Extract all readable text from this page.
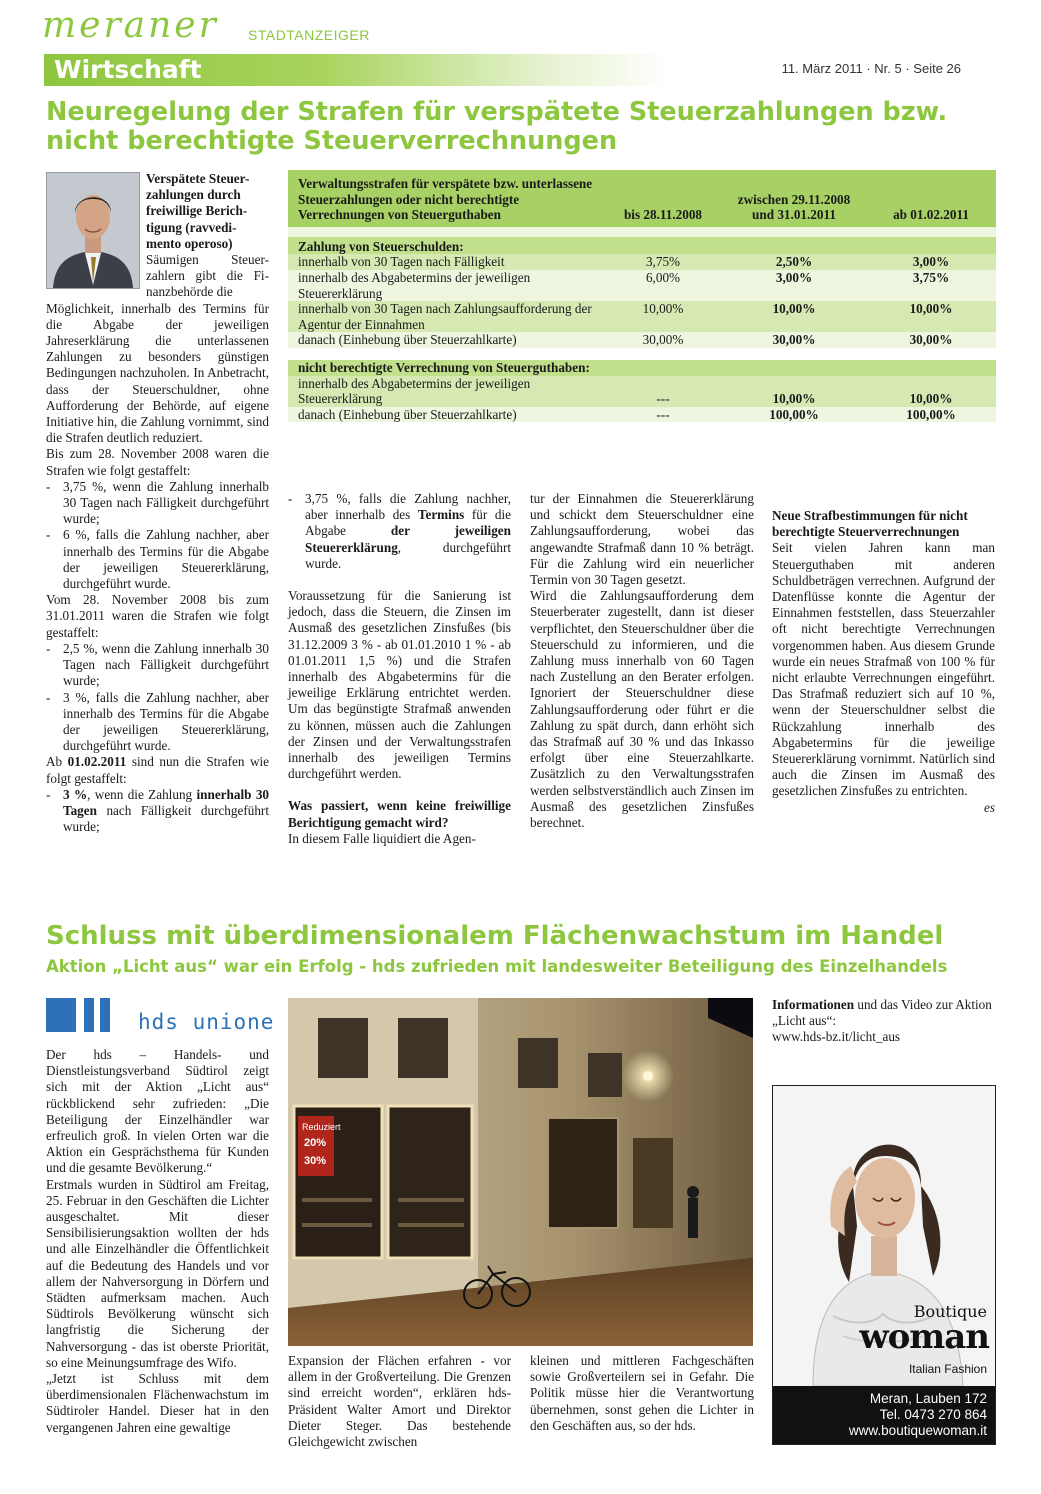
meraner STADTANZEIGER
Wirtschaft	11. März 2011 · Nr. 5 · Seite 26
Neuregelung der Strafen für verspätete Steuerzahlungen bzw. nicht berechtigte Steuerverrechnungen
Verspätete Steuer-zahlungen durch freiwillige Berich-tigung (ravvedi-mento operoso)
Säumigen Steuer-zahlern gibt die Fi-nanzbehörde die

Möglichkeit, innerhalb des Termins für die Abgabe der jeweiligen Jahreserklärung die unterlassenen Zahlungen zu besonders günstigen Bedingungen nachzuholen. In Anbetracht, dass der Steuerschuldner, ohne Aufforderung der Behörde, auf eigene Initiative hin, die Zahlung vornimmt, sind die Strafen deutlich reduziert.

Bis zum 28. November 2008 waren die Strafen wie folgt gestaffelt:

- 3,75 %, wenn die Zahlung innerhalb 30 Tagen nach Fälligkeit durchgeführt wurde;
- 6 %, falls die Zahlung nachher, aber innerhalb des Termins für die Abgabe der jeweiligen Steuererklärung, durchgeführt wurde.

Vom 28. November 2008 bis zum 31.01.2011 waren die Strafen wie folgt gestaffelt:

- 2,5 %, wenn die Zahlung innerhalb 30 Tagen nach Fälligkeit durchgeführt wurde;
- 3 %, falls die Zahlung nachher, aber innerhalb des Termins für die Abgabe der jeweiligen Steuererklärung, durchgeführt wurde.

Ab 01.02.2011 sind nun die Strafen wie folgt gestaffelt:

- 3 %, wenn die Zahlung innerhalb 30 Tagen nach Fälligkeit durchgeführt wurde;
Verwaltungsstrafen für verspätete bzw. unterlassene Steuerzahlungen oder nicht berechtigte Verrechnungen von Steuerguthaben	bis 28.11.2008	zwischen 29.11.2008 und 31.01.2011	ab 01.02.2011

Zahlung von Steuerschulden:			
innerhalb von 30 Tagen nach Fälligkeit	3,75%	2,50%	3,00%
innerhalb des Abgabetermins der jeweiligen Steuererklärung	6,00%	3,00%	3,75%
innerhalb von 30 Tagen nach Zahlungsaufforderung der Agentur der Einnahmen	10,00%	10,00%	10,00%
danach (Einhebung über Steuerzahlkarte)	30,00%	30,00%	30,00%

nicht berechtigte Verrechnung von Steuerguthaben:			
innerhalb des Abgabetermins der jeweiligen Steuererklärung	---	10,00%	10,00%
danach (Einhebung über Steuerzahlkarte)	---	100,00%	100,00%
- 3,75 %, falls die Zahlung nachher, aber innerhalb des Termins für die Abgabe der jeweiligen Steuererklärung, durchgeführt wurde.

Voraussetzung für die Sanierung ist jedoch, dass die Steuern, die Zinsen im Ausmaß des gesetzlichen Zinsfußes (bis 31.12.2009 3 % - ab 01.01.2010 1 % - ab 01.01.2011 1,5 %) und die Strafen innerhalb des Abgabetermins für die jeweilige Erklärung entrichtet werden. Um das begünstigte Strafmaß anwenden zu können, müssen auch die Zahlungen der Zinsen und der Verwaltungsstrafen innerhalb des jeweiligen Termins durchgeführt werden.

Was passiert, wenn keine freiwillige Berichtigung gemacht wird?

In diesem Falle liquidiert die Agen-

tur der Einnahmen die Steuererklärung und schickt dem Steuerschuldner eine Zahlungsaufforderung, wobei das angewandte Strafmaß dann 10 % beträgt. Für die Zahlung wird ein neuerlicher Termin von 30 Tagen gesetzt.

Wird die Zahlungsaufforderung dem Steuerberater zugestellt, dann ist dieser verpflichtet, den Steuerschuldner über die Steuerschuld zu informieren, und die Zahlung muss innerhalb von 60 Tagen nach Zustellung an den Berater erfolgen. Ignoriert der Steuerschuldner diese Zahlungsaufforderung oder führt er die Zahlung zu spät durch, dann erhöht sich das Strafmaß auf 30 % und das Inkasso erfolgt über eine Steuerzahlkarte. Zusätzlich zu den Verwaltungsstrafen werden selbstverständlich auch Zinsen im Ausmaß des gesetzlichen Zinsfußes berechnet.

Neue Strafbestimmungen für nicht berechtigte Steuerverrechnungen

Seit vielen Jahren kann man Steuerguthaben mit anderen Schuldbeträgen verrechnen. Aufgrund der Datenflüsse konnte die Agentur der Einnahmen feststellen, dass Steuerzahler oft nicht berechtigte Verrechnungen vorgenommen haben. Aus diesem Grunde wurde ein neues Strafmaß von 100 % für nicht erlaubte Verrechnungen eingeführt. Das Strafmaß reduziert sich auf 10 %, wenn der Steuerschuldner selbst die Rückzahlung innerhalb des Abgabetermins für die jeweilige Steuererklärung vornimmt. Natürlich sind auch die Zinsen im Ausmaß des gesetzlichen Zinsfußes zu entrichten.

es

Schluss mit überdimensionalem Flächenwachstum im Handel
Aktion „Licht aus“ war ein Erfolg - hds zufrieden mit landesweiter Beteiligung des Einzelhandels
hds unione

Der hds – Handels- und Dienstleistungsverband Südtirol zeigt sich mit der Aktion „Licht aus“ rückblickend sehr zufrieden: „Die Beteiligung der Einzelhändler war erfreulich groß. In vielen Orten war die Aktion ein Gesprächsthema für Kunden und die gesamte Bevölkerung.“

Erstmals wurden in Südtirol am Freitag, 25. Februar in den Geschäften die Lichter ausgeschaltet. Mit dieser Sensibilisierungsaktion wollten der hds und alle Einzelhändler die Öffentlichkeit auf die Bedeutung des Handels und vor allem der Nahversorgung in Dörfern und Städten aufmerksam machen. Auch Südtirols Bevölkerung wünscht sich langfristig die Sicherung der Nahversorgung - das ist oberste Priorität, so eine Meinungsumfrage des Wifo.

„Jetzt ist Schluss mit dem überdimensionalen Flächenwachstum im Südtiroler Handel. Dieser hat in den vergangenen Jahren eine gewaltige

Reduziert
20%
30%
Expansion der Flächen erfahren - vor allem in der Großverteilung. Die Grenzen sind erreicht worden“, erklären hds-Präsident Walter Amort und Direktor Dieter Steger. Das bestehende Gleichgewicht zwischen
kleinen und mittleren Fachgeschäften sowie Großverteilern sei in Gefahr. Die Politik müsse hier die Verantwortung übernehmen, sonst gehen die Lichter in den Geschäften aus, so der hds.
Informationen und das Video zur Aktion „Licht aus“:
www.hds-bz.it/licht_aus
Boutique
woman
Italian Fashion
Meran, Lauben 172
Tel. 0473 270 864
www.boutiquewoman.it
